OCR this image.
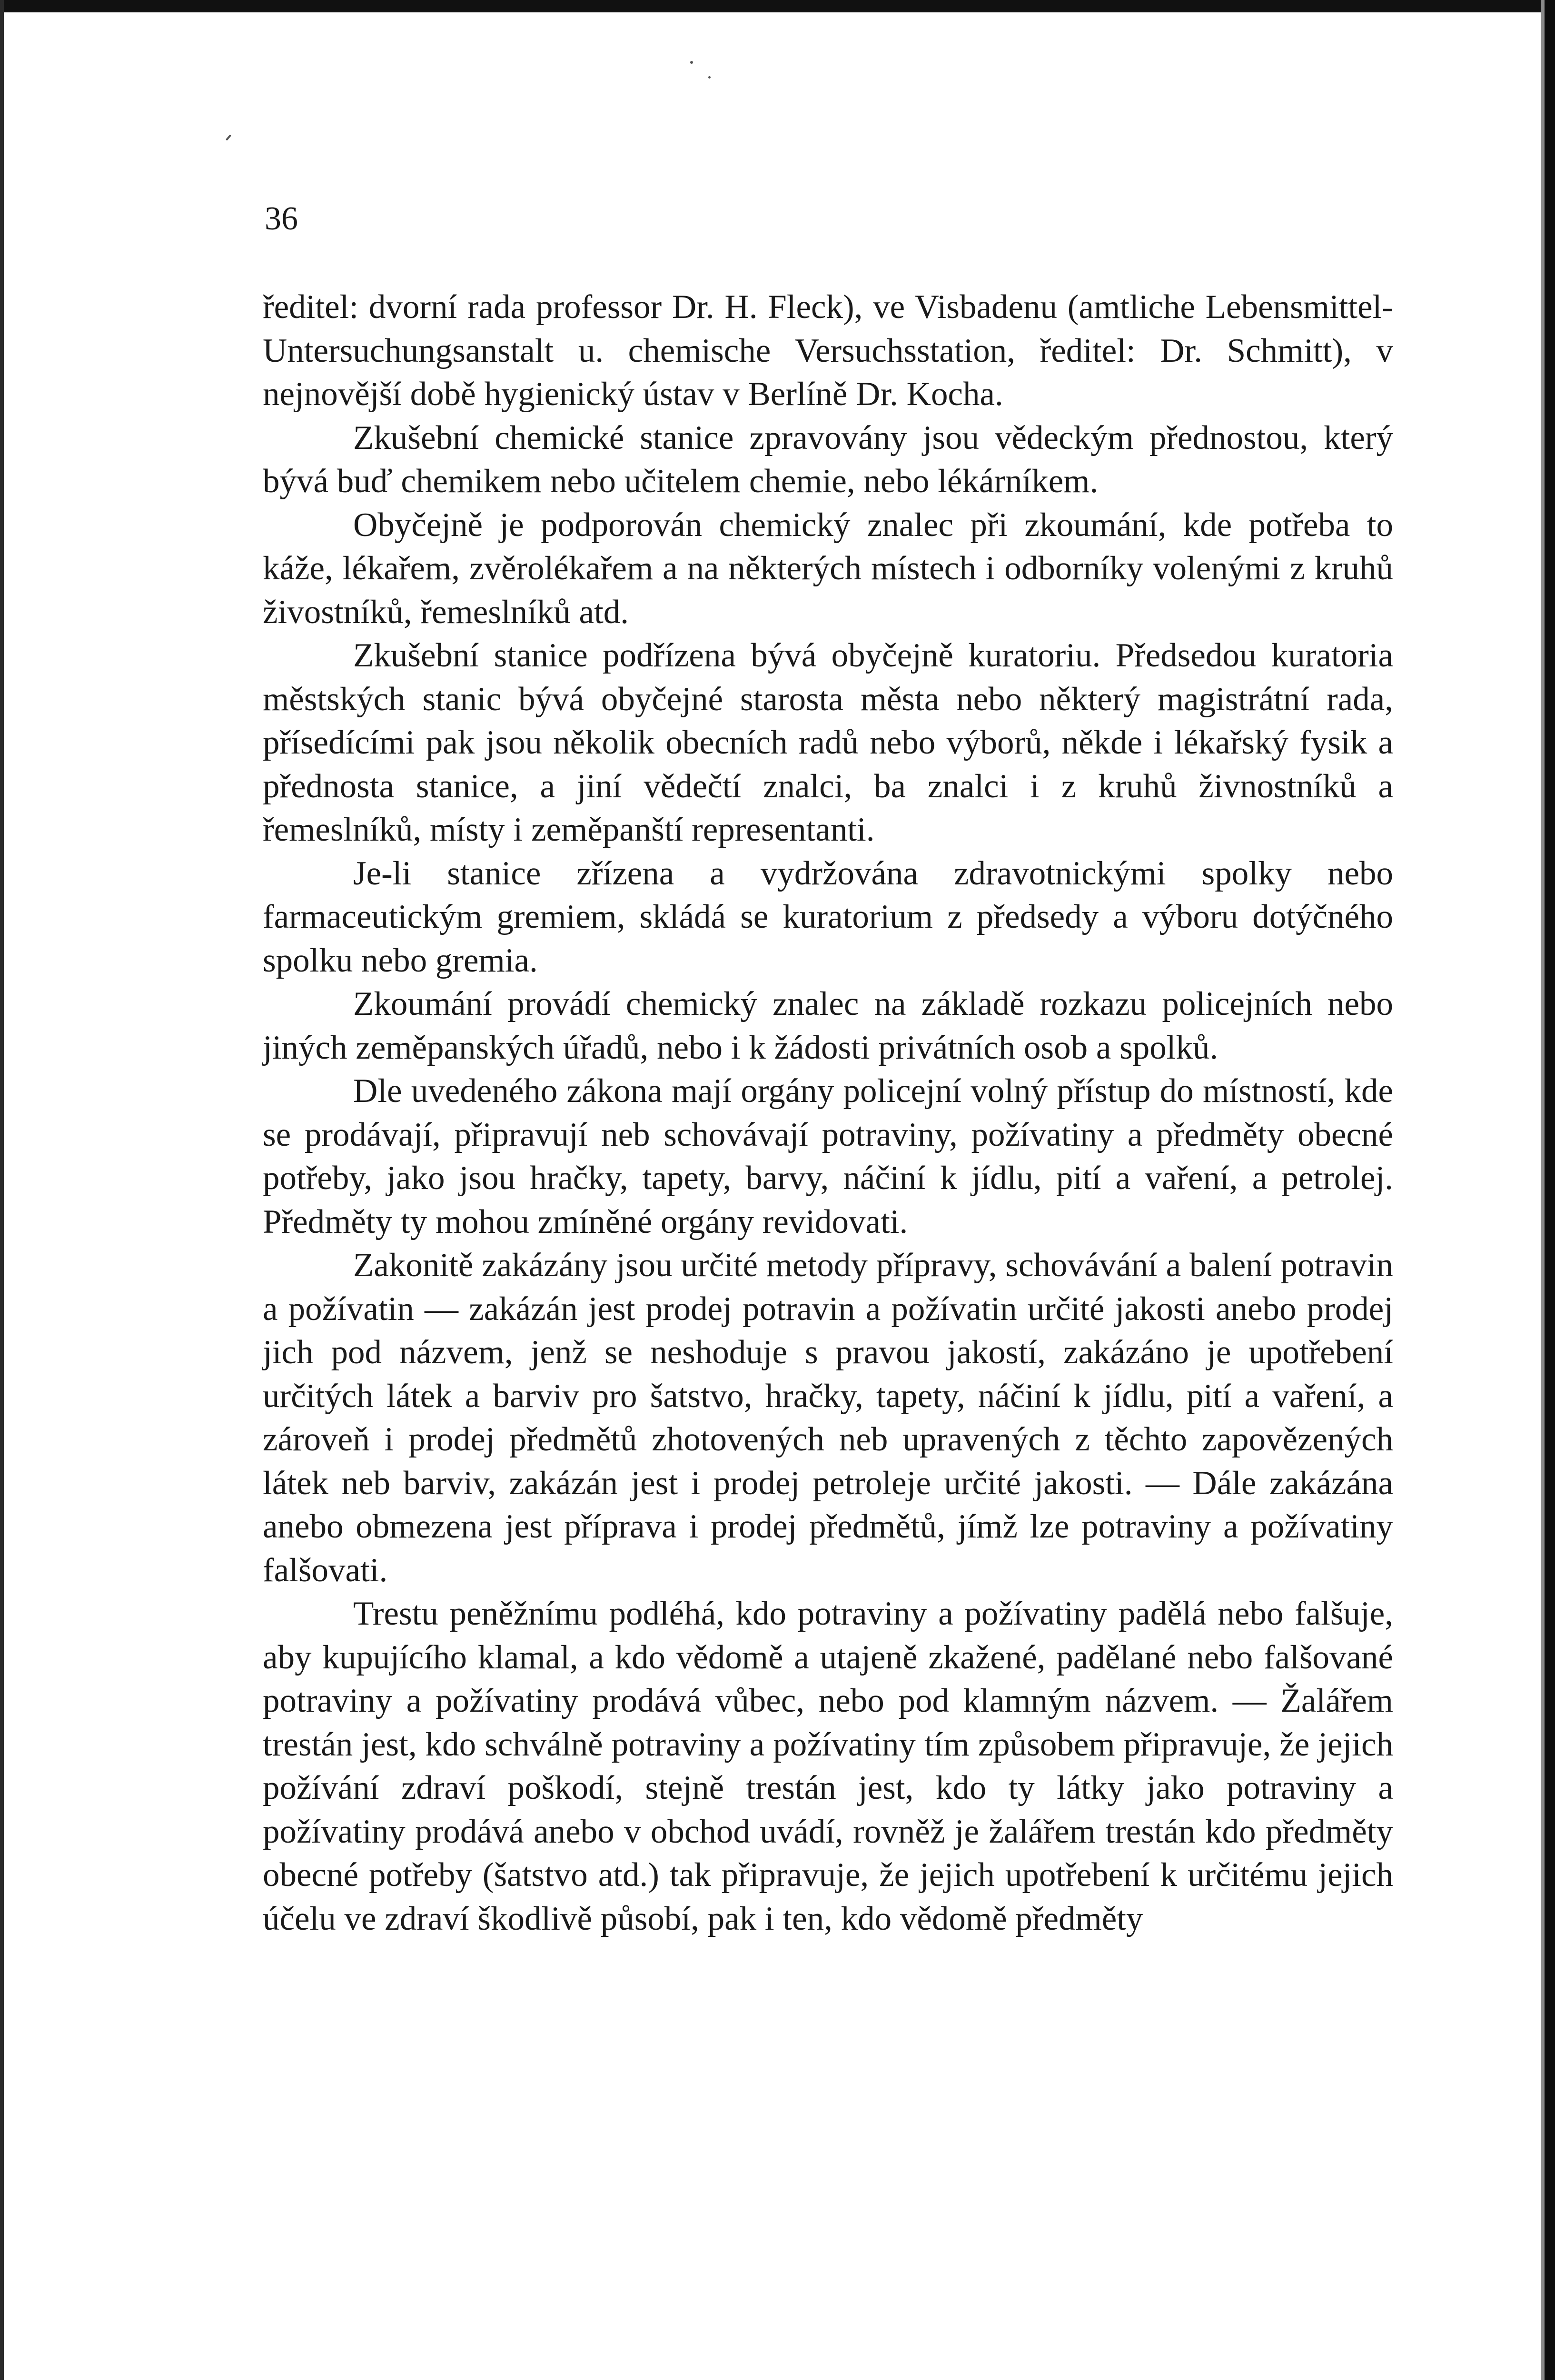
36

ředitel: dvorní rada professor Dr. H. Fleck), ve Visbadenu (amtliche Lebensmittel-Untersuchungsanstalt u. chemische Versuchsstation, ředitel: Dr. Schmitt), v nejnovější době hygienický ústav v Berlíně Dr. Kocha.

Zkušební chemické stanice zpravovány jsou vědeckým přednostou, který bývá buď chemikem nebo učitelem chemie, nebo lékárníkem.

Obyčejně je podporován chemický znalec při zkoumání, kde potřeba to káže, lékařem, zvěrolékařem a na některých místech i odborníky volenými z kruhů živostníků, řemeslníků atd.

Zkušební stanice podřízena bývá obyčejně kuratoriu. Předsedou kuratoria městských stanic bývá obyčejné starosta města nebo některý magistrátní rada, přísedícími pak jsou několik obecních radů nebo výborů, někde i lékařský fysik a přednosta stanice, a jiní vědečtí znalci, ba znalci i z kruhů živnostníků a řemeslníků, místy i zeměpanští representanti.

Je-li stanice zřízena a vydržována zdravotnickými spolky nebo farmaceutickým gremiem, skládá se kuratorium z předsedy a výboru dotýčného spolku nebo gremia.

Zkoumání provádí chemický znalec na základě rozkazu policejních nebo jiných zeměpanských úřadů, nebo i k žádosti privátních osob a spolků.

Dle uvedeného zákona mají orgány policejní volný přístup do místností, kde se prodávají, připravují neb schovávají potraviny, požívatiny a předměty obecné potřeby, jako jsou hračky, tapety, barvy, náčiní k jídlu, pití a vaření, a petrolej. Předměty ty mohou zmíněné orgány revidovati.

Zakonitě zakázány jsou určité metody přípravy, schovávání a balení potravin a požívatin — zakázán jest prodej potravin a požívatin určité jakosti anebo prodej jich pod názvem, jenž se neshoduje s pravou jakostí, zakázáno je upotřebení určitých látek a barviv pro šatstvo, hračky, tapety, náčiní k jídlu, pití a vaření, a zároveň i prodej předmětů zhotovených neb upravených z těchto zapovězených látek neb barviv, zakázán jest i prodej petroleje určité jakosti. — Dále zakázána anebo obmezena jest příprava i prodej předmětů, jímž lze potraviny a požívatiny falšovati.

Trestu peněžnímu podléhá, kdo potraviny a požívatiny padělá nebo falšuje, aby kupujícího klamal, a kdo vědomě a utajeně zkažené, padělané nebo falšované potraviny a požívatiny prodává vůbec, nebo pod klamným názvem. — Žalářem trestán jest, kdo schválně potraviny a požívatiny tím způsobem připravuje, že jejich požívání zdraví poškodí, stejně trestán jest, kdo ty látky jako potraviny a požívatiny prodává anebo v obchod uvádí, rovněž je žalářem trestán kdo předměty obecné potřeby (šatstvo atd.) tak připravuje, že jejich upotřebení k určitému jejich účelu ve zdraví škodlivě působí, pak i ten, kdo vědomě předměty
